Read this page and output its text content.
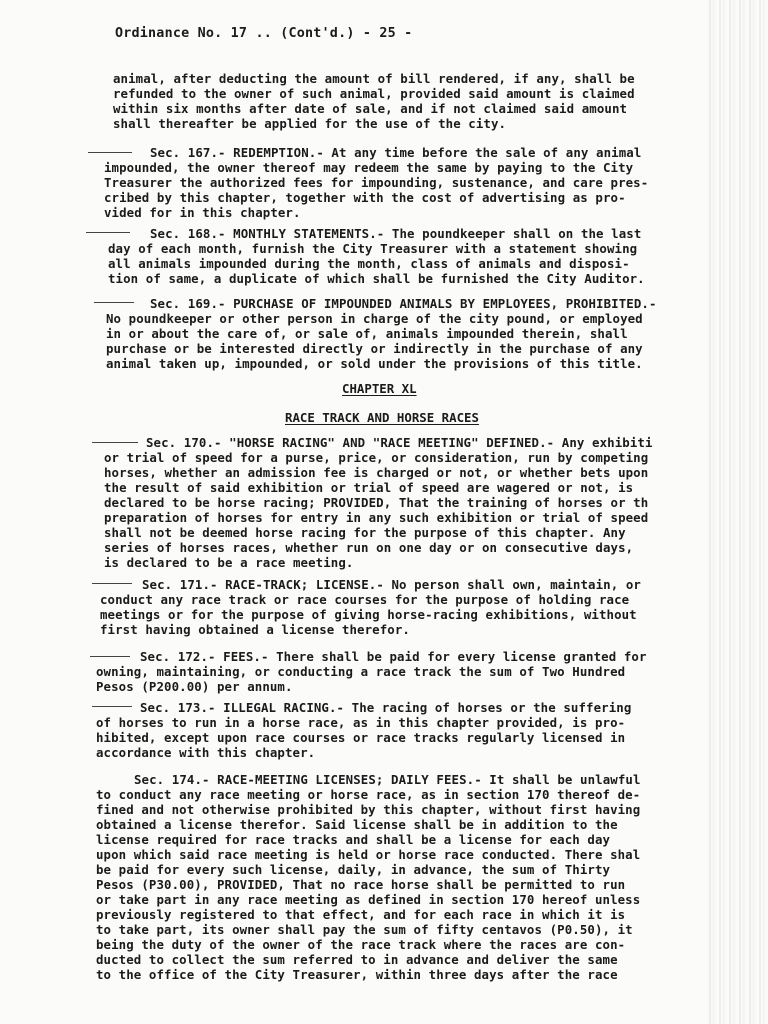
Ordinance No. 17 .. (Cont'd.) - 25 -
animal, after deducting the amount of bill rendered, if any, shall be
refunded to the owner of such animal, provided said amount is claimed
within six months after date of sale, and if not claimed said amount
shall thereafter be applied for the use of the city.
Sec. 167.- REDEMPTION.- At any time before the sale of any animal
impounded, the owner thereof may redeem the same by paying to the City
Treasurer the authorized fees for impounding, sustenance, and care pres-
cribed by this chapter, together with the cost of advertising as pro-
vided for in this chapter.
Sec. 168.- MONTHLY STATEMENTS.- The poundkeeper shall on the last
day of each month, furnish the City Treasurer with a statement showing
all animals impounded during the month, class of animals and disposi-
tion of same, a duplicate of which shall be furnished the City Auditor.
Sec. 169.- PURCHASE OF IMPOUNDED ANIMALS BY EMPLOYEES, PROHIBITED.-
No poundkeeper or other person in charge of the city pound, or employed
in or about the care of, or sale of, animals impounded therein, shall
purchase or be interested directly or indirectly in the purchase of any
animal taken up, impounded, or sold under the provisions of this title.
CHAPTER XL
RACE TRACK AND HORSE RACES
Sec. 170.- "HORSE RACING" AND "RACE MEETING" DEFINED.- Any exhibiti
or trial of speed for a purse, price, or consideration, run by competing
horses, whether an admission fee is charged or not, or whether bets upon
the result of said exhibition or trial of speed are wagered or not, is
declared to be horse racing; PROVIDED, That the training of horses or th
preparation of horses for entry in any such exhibition or trial of speed
shall not be deemed horse racing for the purpose of this chapter. Any
series of horses races, whether run on one day or on consecutive days,
is declared to be a race meeting.
Sec. 171.- RACE-TRACK; LICENSE.- No person shall own, maintain, or
conduct any race track or race courses for the purpose of holding race
meetings or for the purpose of giving horse-racing exhibitions, without
first having obtained a license therefor.
Sec. 172.- FEES.- There shall be paid for every license granted for
owning, maintaining, or conducting a race track the sum of Two Hundred
Pesos (P200.00) per annum.
Sec. 173.- ILLEGAL RACING.- The racing of horses or the suffering
of horses to run in a horse race, as in this chapter provided, is pro-
hibited, except upon race courses or race tracks regularly licensed in
accordance with this chapter.
Sec. 174.- RACE-MEETING LICENSES; DAILY FEES.- It shall be unlawful
to conduct any race meeting or horse race, as in section 170 thereof de-
fined and not otherwise prohibited by this chapter, without first having
obtained a license therefor. Said license shall be in addition to the
license required for race tracks and shall be a license for each day
upon which said race meeting is held or horse race conducted. There shal
be paid for every such license, daily, in advance, the sum of Thirty
Pesos (P30.00), PROVIDED, That no race horse shall be permitted to run
or take part in any race meeting as defined in section 170 hereof unless
previously registered to that effect, and for each race in which it is
to take part, its owner shall pay the sum of fifty centavos (P0.50), it
being the duty of the owner of the race track where the races are con-
ducted to collect the sum referred to in advance and deliver the same
to the office of the City Treasurer, within three days after the race
